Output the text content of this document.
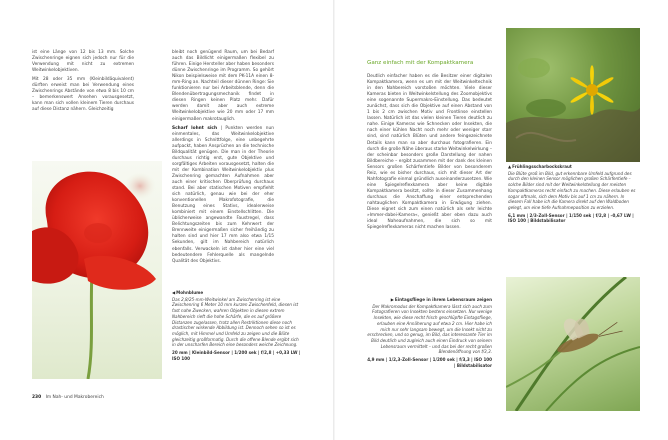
ist eine Länge von 12 bis 13 mm. Solche Zwischenringe eignen sich jedoch nur für die Verwendung mit nicht zu extremen Weitwinkelobjektiven.

Mit 28 oder 35 mm (Kleinbildäquivalent) dürften erweist man bei Verwendung eines Zwischenrings Abstände von etwa 8 bis 10 cm – bemerkenswert Ansehen vorausgesetzt, kann man sich vollen kleinem Tieren durchaus auf diese Distanz nähern. Gleichzeitig

bleibt noch genügend Raum, um bei Bedarf auch das Bildlicht einigermaßen flexibel zu führen. Einige Hersteller aber haben besonders dünne Zwischenringe im Programm. So gehört Nikon beispielsweise mit dem PK-11A einen 8-mm-Ring an. Nachteil dieser dünnen Ringe: Sie funktionieren nur bei Arbeitsblende, denn die Blendenübertragungsmechanik findet in diesen Ringen keinen Platz mehr. Dafür werden damit aber auch extreme Weitwinkelobjektive wie 20 mm oder 17 mm einigermaßen makrotauglich.

Scharf lohnt sich | Punkten werden nun einmentales, das Weitwinkelobjektive allerdings in Schnittfolge, eine unbegehrte aufpackt, haben Ansprüchen an die technische Bildqualität genügen. Die man in der Theorie durchaus richtig erst, gute Objektive und sorgfältiges Arbeiten vorausgesetzt, halten die mit der Kombination Weitwinkelobjektiv plus Zwischenring gemachten Aufnahmen aber auch einer kritischen Überprüfung durchaus stand. Bei aber statischen Motiven empfiehlt sich natürlich, genau wie bei der eher konventionellen Makrofotografie, die Benutzung eines Stativs, idealerweise kombiniert mit einem Einstellschlitten. Die üblicherweise angewandte Faustregel, dass Belichtungszeiten bis zum Kehrwert der Brennweite einigermaßen sicher freihändig zu halten sind und hier 17 mm also etwa 1/15 Sekunden, gilt im Nahbereich natürlich ebenfalls. Verwackeln ist daher hier eine viel bedeutendere Fehlerquelle als mangelnde Qualität des Objektivs.

◀Mohnblume
Das 2,8/25-mm-Weitwinkel am Zwischenring ist eine Zwischenring 6 Meter 10 mm kurzen Zwischenfeld, diesen ist fast nahe Zwecken, wahren Objekten in diesen extrem Nahbereich rieft die hohe Schärfe, die es auf größere Distanzen zugelassen, trotz allen Restriktionen diese noch drastischer wirkende Abbildung ist. Dennoch sehen so ist es möglich, mit Himmel und Umfeld zu zeigen und die Blüte gleichzeitig großformatig. Durch die offene Blende ergibt sich in der unscharfen Bereich eine besonders weiche Zeichnung.
20 mm | Kleinbild-Sensor | 1/200 sek | f/2,8 | +0,33 LW | ISO 100
230 Im Nah- und Makrobereich
Ganz einfach mit der Kompaktkamera

Deutlich einfacher haben es die Besitzer einer digitalen Kompaktkamera, wenn es um mit der Weitwinkeltechnik in den Nahbereich vorstoßen möchten. Viele dieser Kameras bieten in Weitwinkelstellung des Zoomobjektivs eine sogenannte Supermakro-Einstellung. Das bedeutet zunächst, dass sich die Objektive auf einen Abstand von 1 bis 2 cm zwischen Motiv und Frontlinse einstellen lassen. Natürlich ist das vielen kleinen Tieren deutlich zu nahe. Einige Kameras wie Schnecken oder Insekten, die nach einer kühlen Nacht noch mehr oder weniger starr sind, sind natürlich Blüten und andere feingezeichnete Details kann man so aber durchaus fotografieren. Ein durch die große Nähe überaus starke Weitwinkelwirkung – der scheinbar besonders große Darstellung der nahen Bildbereiche – ergibt zusammen mit der dank des kleinen Sensors großen Schärfentiefe Bilder von besonderem Reiz, wie es bisher durchaus, sich mit dieser Art der Nahfotografie einmal gründlich auseinanderzusetzen. Wie eine Spiegelreflexkamera aber keine digitale Kompaktkamera besitzt, sollte in dieser Zusammenhang durchaus die Anschaffung einer entsprechenden nahtauglichen Kompaktkamera in Erwägung ziehen. Diese eignet sich zum einen natürlich als sehr leichte »Immer-dabei-Kamera«, genießt aber eben dazu auch ideal Naheaufnahmen, die sich so mit Spiegelreflexkameras nicht machen lassen.

▲Frühlingsscharbockskraut
Die Blüte groß im Bild, gut erkennbare Umfeld aufgrund des durch den kleinen Sensor möglichen großen Schärfentiefe – solche Bilder sind mit der Weitwinkelstellung der meisten Kompaktkameras recht einfach zu machen. Diese erlauben es sogar oftmals, sich dem Motiv bis auf 1 cm zu nähern. In diesem Fall habe ich die Kamera direkt auf den Waldboden gelegt, um eine tiefe Aufnahmeposition zu erzielen.
6,1 mm | 2/3-Zoll-Sensor | 1/150 sek | f/2,8 | –0,67 LW | ISO 100 | Bildstabilisator
▶Eintagsfliege in ihrem Lebensraum zeigen
Der Makromodus der Kompaktkamera lässt sich auch zum Fotografieren von Insekten bestens einsetzen. Nur wenige Insekten, wie diese recht frisch geschlüpfte Eintagsfliege, erlauben eine Annäherung auf etwa 2 cm. Hier habe ich mich nur sehr langsam bewegt, um die Insekt nicht zu erschrecken, und so genug, im Bild, das interessante Tier im Bild deutlich und zugleich auch einen Eindruck von seinem Lebensraum vermittelt – und das bei der recht großen Blendenöffnung von f/3,3.
4,9 mm | 1/2,3-Zoll-Sensor | 1/200 sek | f/3,3 | ISO 100 | Bildstabilisator
